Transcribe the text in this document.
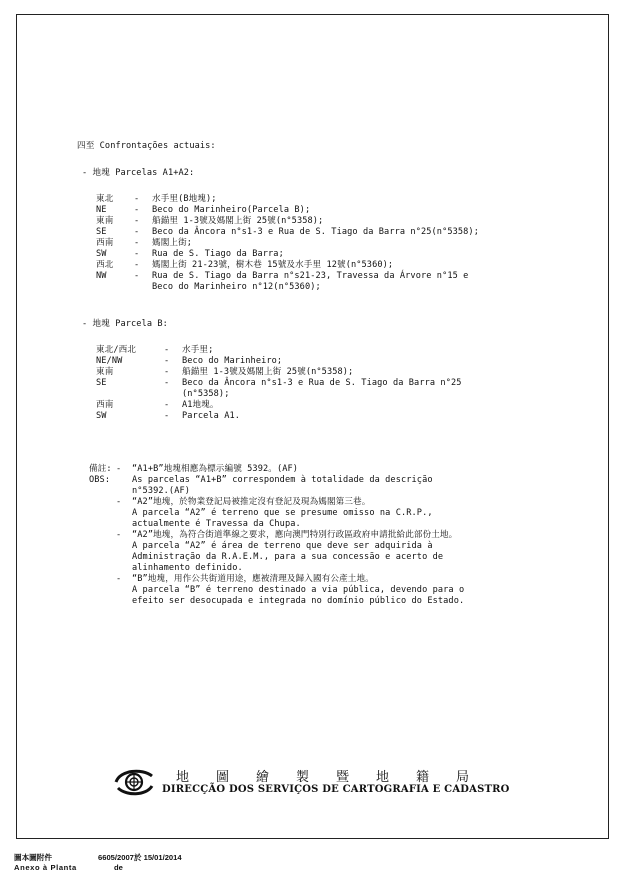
四至 Confrontações actuais:
- 地塊 Parcelas A1+A2:
東北 - 水手里(B地塊);
NE	- Beco do Marinheiro(Parcela B);
東南 - 船錨里 1-3號及媽閣上街 25號(n°5358);
SE	- Beco da Âncora n°s1-3 e Rua de S. Tiago da Barra n°25(n°5358);
西南 - 媽閣上街;
SW	- Rua de S. Tiago da Barra;
西北 - 媽閣上街 21-23號，樹木巷 15號及水手里 12號(n°5360);
NW	- Rua de S. Tiago da Barra n°s21-23, Travessa da Árvore n°15 e
Beco do Marinheiro n°12(n°5360);
- 地塊 Parcela B:
東北/西北	- 水手里;
NE/NW	- Beco do Marinheiro;
東南	- 船錨里 1-3號及媽閣上街 25號(n°5358);
SE	- Beco da Âncora n°s1-3 e Rua de S. Tiago da Barra n°25
(n°5358);
西南	- A1地塊。
SW	- Parcela A1.
備註:
OBS:
- “A1+B”地塊相應為標示編號 5392。(AF)
As parcelas “A1+B” correspondem à totalidade da descrição
n°5392.(AF)
- “A2”地塊，於物業登記局被推定沒有登記及現為媽閣第三巷。
A parcela “A2” é terreno que se presume omisso na C.R.P.,
actualmente é Travessa da Chupa.
- “A2”地塊，為符合街道準線之要求，應向澳門特別行政區政府申請批給此部份土地。
A parcela “A2” é área de terreno que deve ser adquirida à
Administração da R.A.E.M., para a sua concessão e acerto de
alinhamento definido.
- “B”地塊，用作公共街道用途，應被清理及歸入國有公產土地。
A parcela “B” é terreno destinado a via pública, devendo para o
efeito ser desocupada e integrada no domínio público do Estado.
地圖繪製暨地籍局
DIRECÇÃO DOS SERVIÇOS DE CARTOGRAFIA E CADASTRO
圖本圖附件	6605/2007於 15/01/2014
Anexo à Planta	de
